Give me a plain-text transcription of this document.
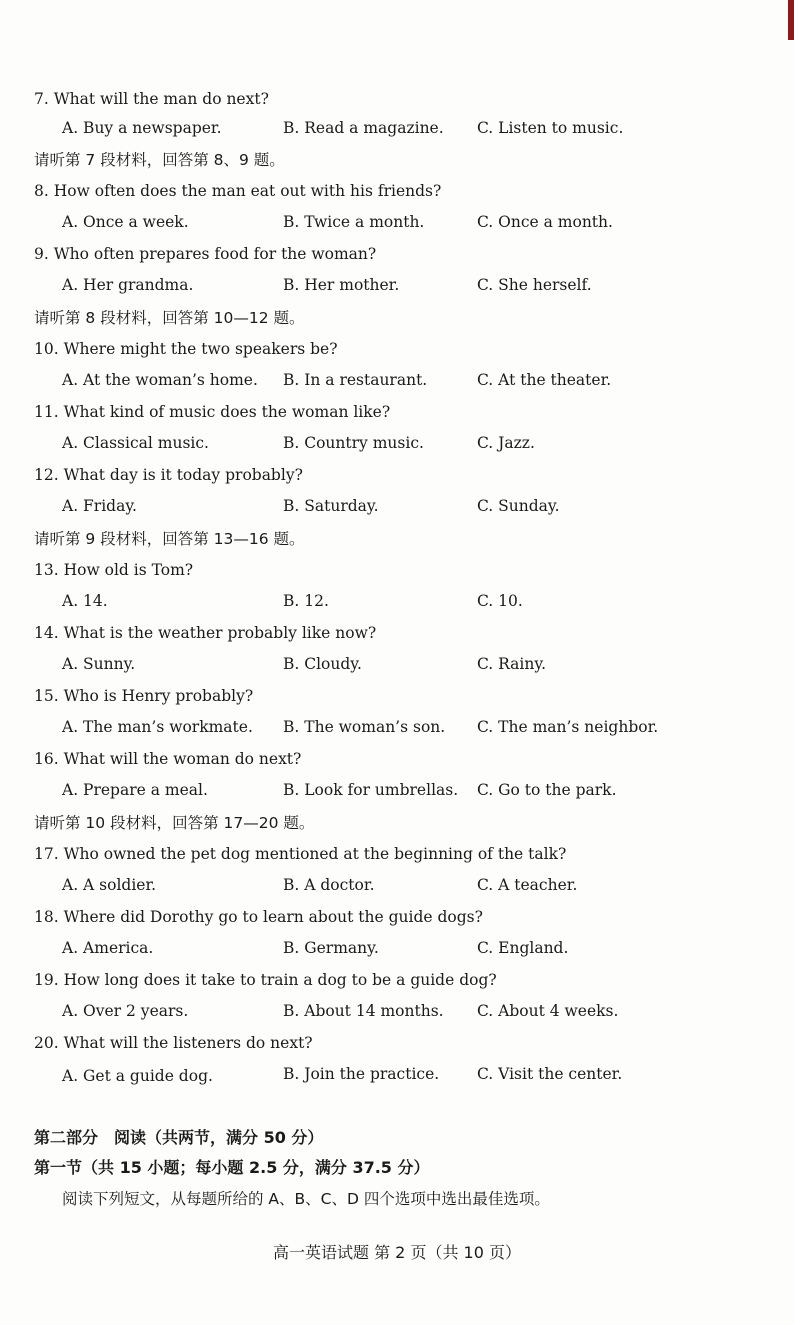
7. What will the man do next?
A. Buy a newspaper.	B. Read a magazine. C. Listen to music.
请听第 7 段材料，回答第 8、9 题。
8. How often does the man eat out with his friends?
A. Once a week.	B. Twice a month.	C. Once a month.
9. Who often prepares food for the woman?
A. Her grandma.	B. Her mother.	C. She herself.
请听第 8 段材料，回答第 10—12 题。
10. Where might the two speakers be?
A. At the woman’s home. B. In a restaurant.	C. At the theater.
11. What kind of music does the woman like?
A. Classical music.	B. Country music.	C. Jazz.
12. What day is it today probably?
A. Friday.	B. Saturday.	C. Sunday.
请听第 9 段材料，回答第 13—16 题。
13. How old is Tom?
A. 14.	B. 12.	C. 10.
14. What is the weather probably like now?
A. Sunny.	B. Cloudy.	C. Rainy.
15. Who is Henry probably?
A. The man’s workmate. B. The woman’s son. C. The man’s neighbor.
16. What will the woman do next?
A. Prepare a meal.	B. Look for umbrellas. C. Go to the park.
请听第 10 段材料，回答第 17—20 题。
17. Who owned the pet dog mentioned at the beginning of the talk?
A. A soldier.	B. A doctor.	C. A teacher.
18. Where did Dorothy go to learn about the guide dogs?
A. America.	B. Germany.	C. England.
19. How long does it take to train a dog to be a guide dog?
A. Over 2 years.	B. About 14 months. C. About 4 weeks.
20. What will the listeners do next?
A. Get a guide dog.	B. Join the practice. C. Visit the center.
第二部分　阅读（共两节，满分 50 分）
第一节（共 15 小题；每小题 2.5 分，满分 37.5 分）
阅读下列短文，从每题所给的 A、B、C、D 四个选项中选出最佳选项。
高一英语试题 第 2 页（共 10 页）
